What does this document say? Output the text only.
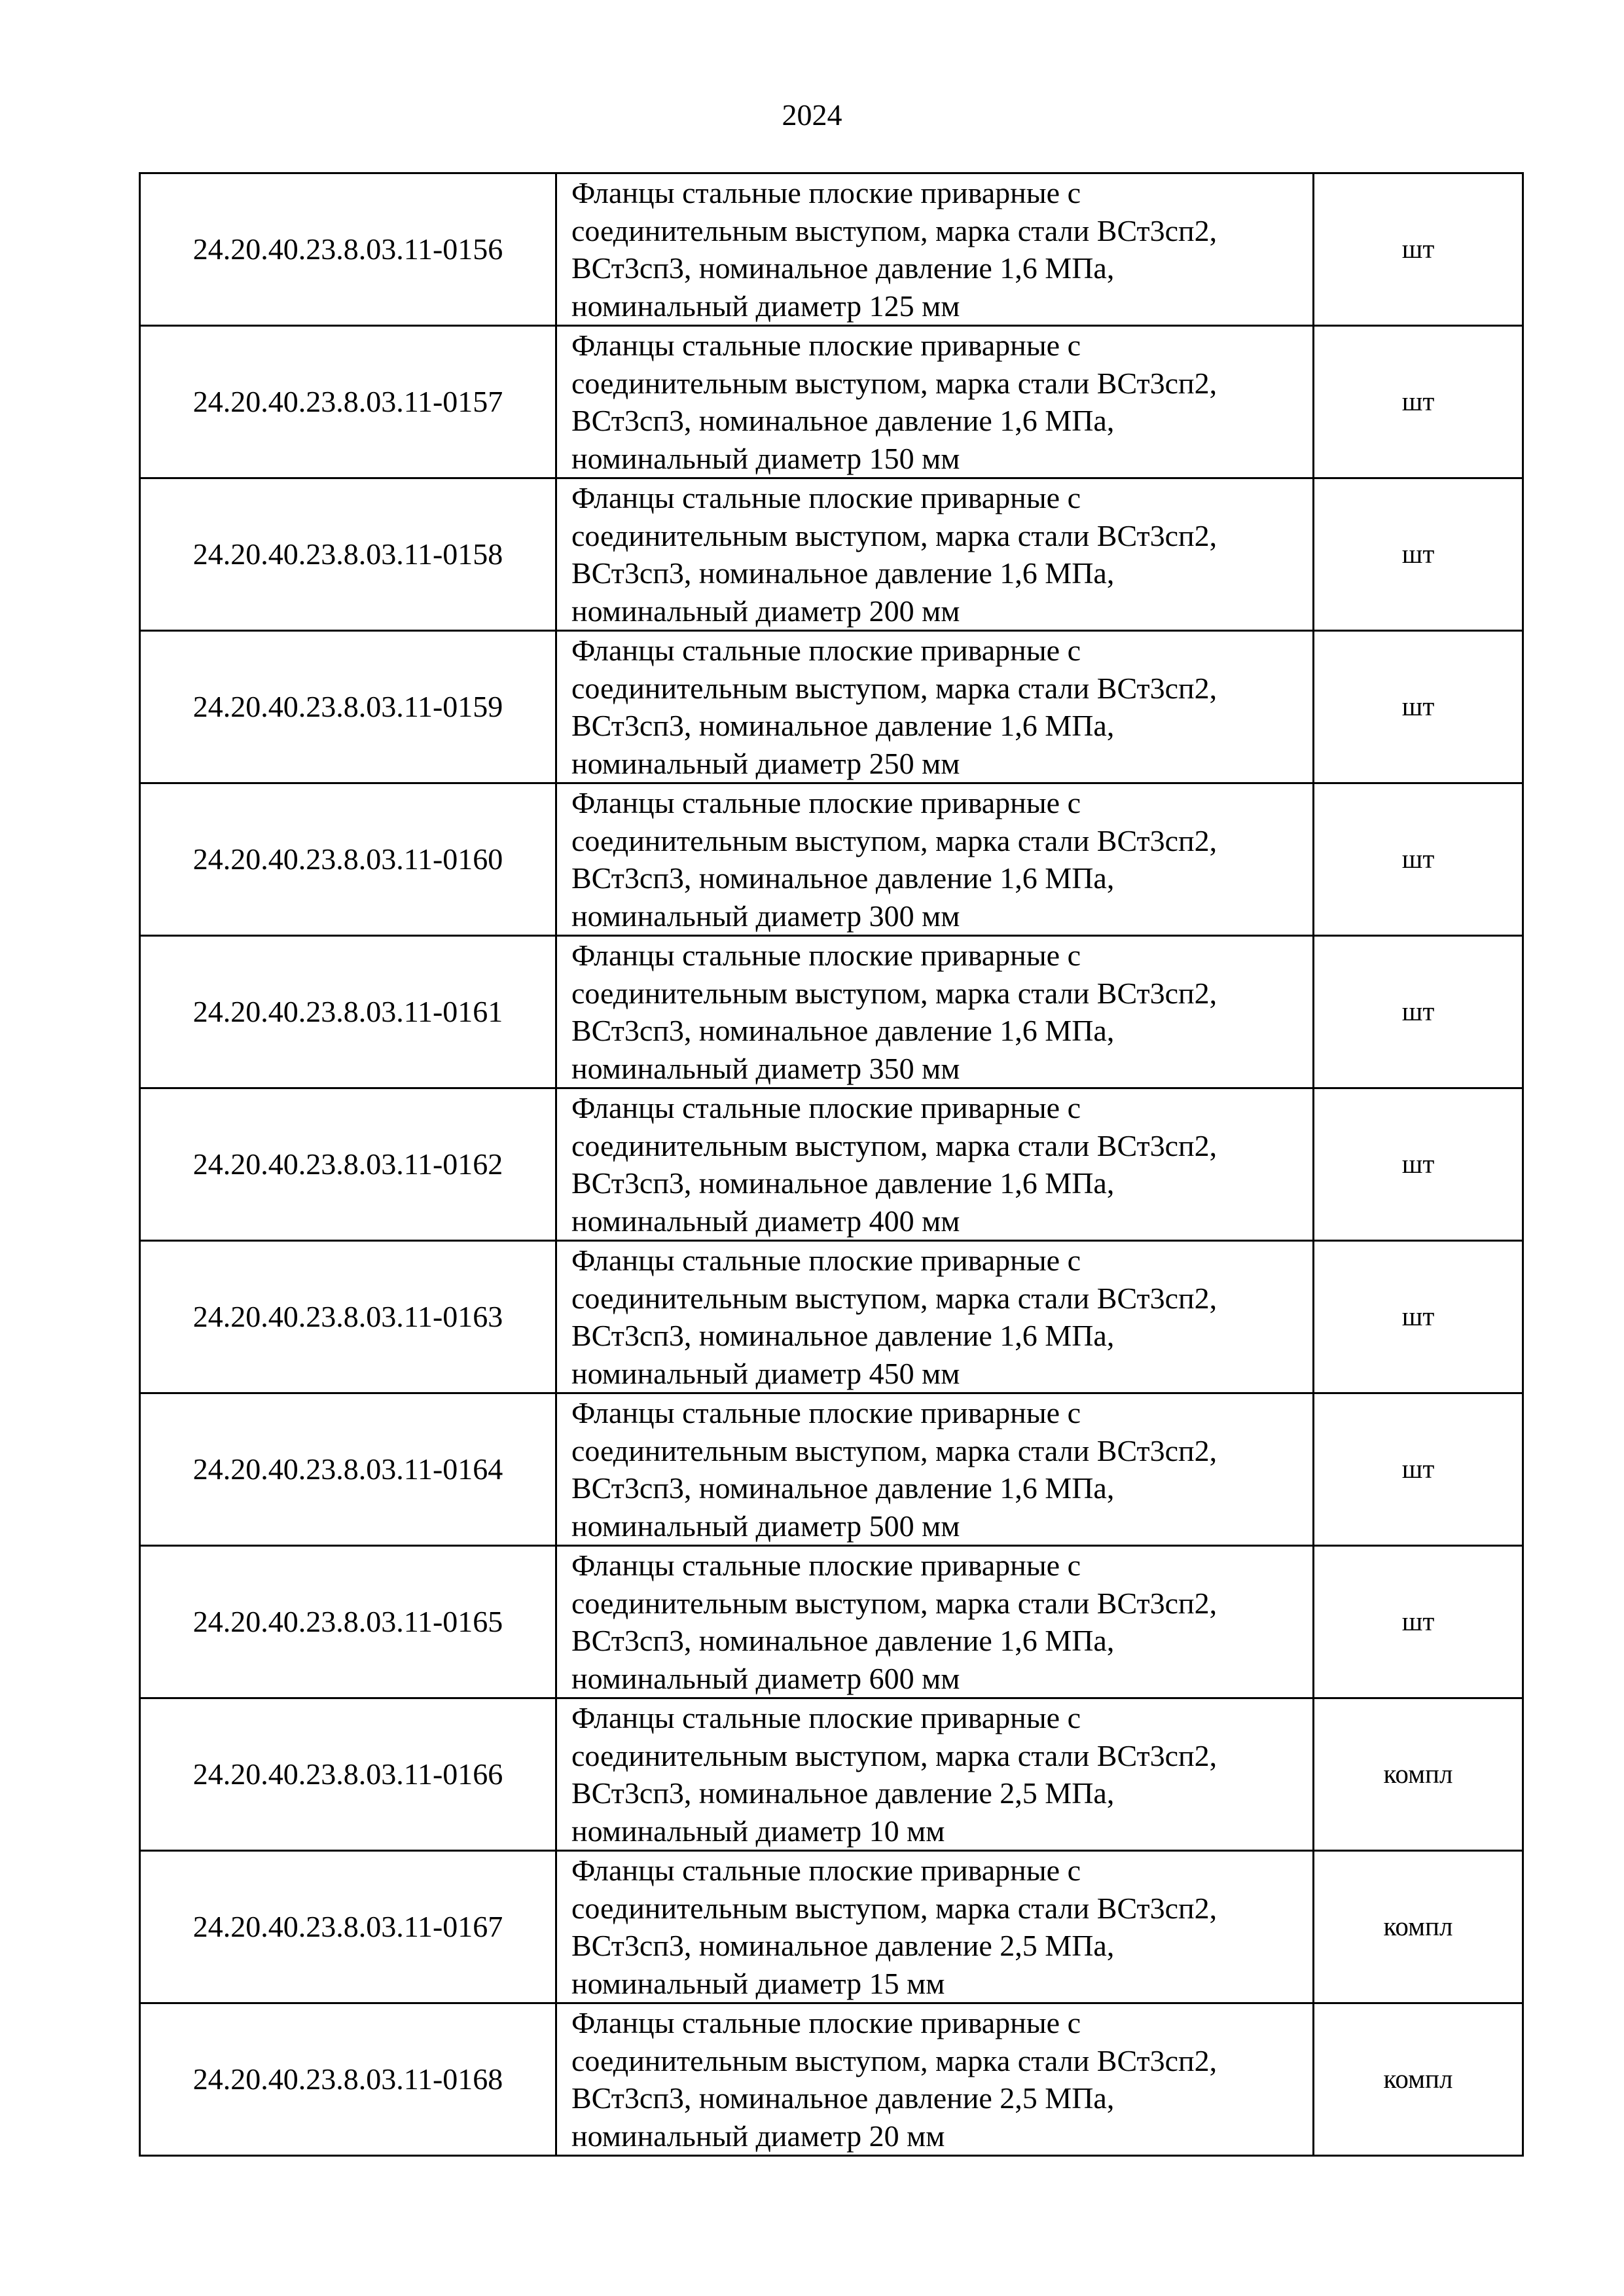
2024
24.20.40.23.8.03.11-0156	Фланцы стальные плоские приварные с
соединительным выступом, марка стали ВСт3сп2,
ВСт3сп3, номинальное давление 1,6 МПа,
номинальный диаметр 125 мм	шт
24.20.40.23.8.03.11-0157	Фланцы стальные плоские приварные с
соединительным выступом, марка стали ВСт3сп2,
ВСт3сп3, номинальное давление 1,6 МПа,
номинальный диаметр 150 мм	шт
24.20.40.23.8.03.11-0158	Фланцы стальные плоские приварные с
соединительным выступом, марка стали ВСт3сп2,
ВСт3сп3, номинальное давление 1,6 МПа,
номинальный диаметр 200 мм	шт
24.20.40.23.8.03.11-0159	Фланцы стальные плоские приварные с
соединительным выступом, марка стали ВСт3сп2,
ВСт3сп3, номинальное давление 1,6 МПа,
номинальный диаметр 250 мм	шт
24.20.40.23.8.03.11-0160	Фланцы стальные плоские приварные с
соединительным выступом, марка стали ВСт3сп2,
ВСт3сп3, номинальное давление 1,6 МПа,
номинальный диаметр 300 мм	шт
24.20.40.23.8.03.11-0161	Фланцы стальные плоские приварные с
соединительным выступом, марка стали ВСт3сп2,
ВСт3сп3, номинальное давление 1,6 МПа,
номинальный диаметр 350 мм	шт
24.20.40.23.8.03.11-0162	Фланцы стальные плоские приварные с
соединительным выступом, марка стали ВСт3сп2,
ВСт3сп3, номинальное давление 1,6 МПа,
номинальный диаметр 400 мм	шт
24.20.40.23.8.03.11-0163	Фланцы стальные плоские приварные с
соединительным выступом, марка стали ВСт3сп2,
ВСт3сп3, номинальное давление 1,6 МПа,
номинальный диаметр 450 мм	шт
24.20.40.23.8.03.11-0164	Фланцы стальные плоские приварные с
соединительным выступом, марка стали ВСт3сп2,
ВСт3сп3, номинальное давление 1,6 МПа,
номинальный диаметр 500 мм	шт
24.20.40.23.8.03.11-0165	Фланцы стальные плоские приварные с
соединительным выступом, марка стали ВСт3сп2,
ВСт3сп3, номинальное давление 1,6 МПа,
номинальный диаметр 600 мм	шт
24.20.40.23.8.03.11-0166	Фланцы стальные плоские приварные с
соединительным выступом, марка стали ВСт3сп2,
ВСт3сп3, номинальное давление 2,5 МПа,
номинальный диаметр 10 мм	компл
24.20.40.23.8.03.11-0167	Фланцы стальные плоские приварные с
соединительным выступом, марка стали ВСт3сп2,
ВСт3сп3, номинальное давление 2,5 МПа,
номинальный диаметр 15 мм	компл
24.20.40.23.8.03.11-0168	Фланцы стальные плоские приварные с
соединительным выступом, марка стали ВСт3сп2,
ВСт3сп3, номинальное давление 2,5 МПа,
номинальный диаметр 20 мм	компл
